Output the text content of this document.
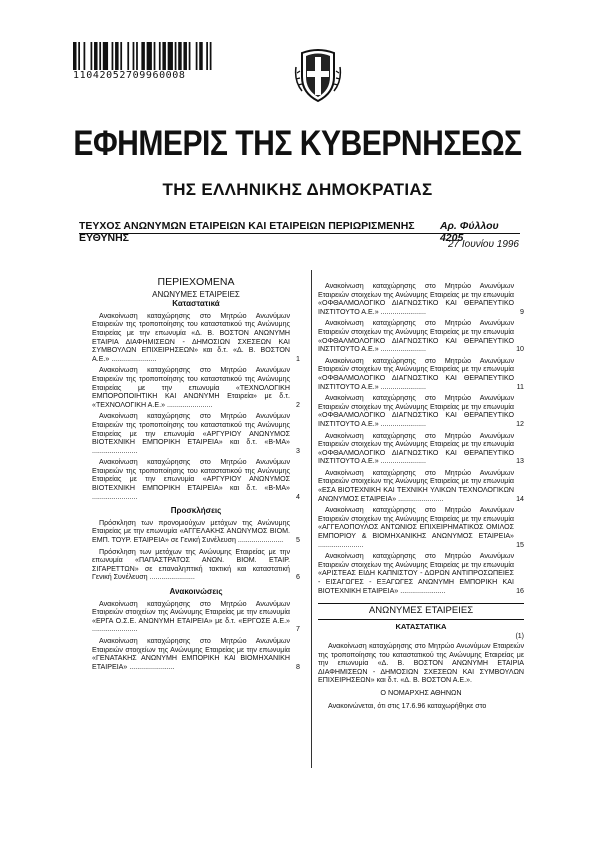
11042052709960008
ΕΦΗΜΕΡΙΣ ΤΗΣ ΚΥΒΕΡΝΗΣΕΩΣ
ΤΗΣ ΕΛΛΗΝΙΚΗΣ ΔΗΜΟΚΡΑΤΙΑΣ
ΤΕΥΧΟΣ ΑΝΩΝΥΜΩΝ ΕΤΑΙΡΕΙΩΝ ΚΑΙ ΕΤΑΙΡΕΙΩΝ ΠΕΡΙΩΡΙΣΜΕΝΗΣ ΕΥΘΥΝΗΣ
Αρ. Φύλλου 4205
27 Ιουνίου 1996
ΠΕΡΙΕΧΟΜΕΝΑ
ΑΝΩΝΥΜΕΣ ΕΤΑΙΡΕΙΕΣ
Καταστατικά
Ανακοίνωση καταχώρησης στο Μητρώο Ανωνύμων Εταιρειών της τροποποίησης του καταστατικού της Ανώνυμης Εταιρείας με την επωνυμία «Δ. Β. ΒΟΣΤΟΝ ΑΝΩΝΥΜΗ ΕΤΑΙΡΙΑ ΔΙΑΦΗΜΙΣΕΩΝ - ΔΗΜΟΣΙΩΝ ΣΧΕΣΕΩΝ ΚΑΙ ΣΥΜΒΟΥΛΩΝ ΕΠΙΧΕΙΡΗΣΕΩΝ» και δ.τ. «Δ. Β. ΒΟΣΤΟΝ Α.Ε.» .......................	1
Ανακοίνωση καταχώρησης στο Μητρώο Ανωνύμων Εταιρειών της τροποποίησης του καταστατικού της Ανώνυμης Εταιρείας με την επωνυμία «ΤΕΧΝΟΛΟΓΙΚΗ ΕΜΠΟΡΟΠΟΙΗΤΙΚΗ ΚΑΙ ΑΝΩΝΥΜΗ Εταιρεία» με δ.τ. «ΤΕΧΝΟΛΟΓΙΚΗ Α.Ε.» .......................	2
Ανακοίνωση καταχώρησης στο Μητρώο Ανωνύμων Εταιρειών της τροποποίησης του καταστατικού της Ανώνυμης Εταιρείας με την επωνυμία «ΑΡΓΥΡΙΟΥ ΑΝΩΝΥΜΟΣ ΒΙΟΤΕΧΝΙΚΗ ΕΜΠΟΡΙΚΗ ΕΤΑΙΡΕΙΑ» και δ.τ. «Β-ΜΑ» .......................	3
Ανακοίνωση καταχώρησης στο Μητρώο Ανωνύμων Εταιρειών της τροποποίησης του καταστατικού της Ανώνυμης Εταιρείας με την επωνυμία «ΑΡΓΥΡΙΟΥ ΑΝΩΝΥΜΟΣ ΒΙΟΤΕΧΝΙΚΗ ΕΜΠΟΡΙΚΗ ΕΤΑΙΡΕΙΑ» και δ.τ. «Β-ΜΑ» .......................	4
Προσκλήσεις
Πρόσκληση των προνομιούχων μετόχων της Ανώνυμης Εταιρείας με την επωνυμία «ΑΓΓΕΛΑΚΗΣ ΑΝΩΝΥΜΟΣ ΒΙΟΜ. ΕΜΠ. ΤΟΥΡ. ΕΤΑΙΡΕΙΑ» σε Γενική Συνέλευση ....................... 5
Πρόσκληση των μετόχων της Ανώνυμης Εταιρείας με την επωνυμία «ΠΑΠΑΣΤΡΑΤΟΣ ΑΝΩΝ. ΒΙΟΜ. ΕΤΑΙΡ. ΣΙΓΑΡΕΤΤΩΝ» σε επαναληπτική τακτική και καταστατική Γενική Συνέλευση .......................	6
Ανακοινώσεις
Ανακοίνωση καταχώρησης στο Μητρώο Ανωνύμων Εταιρειών στοιχείων της Ανώνυμης Εταιρείας με την επωνυμία «ΕΡΓΑ Ο.Σ.Ε. ΑΝΩΝΥΜΗ ΕΤΑΙΡΕΙΑ» με δ.τ. «ΕΡΓΟΣΕ Α.Ε.» .......................	7
Ανακοίνωση καταχώρησης στο Μητρώο Ανωνύμων Εταιρειών στοιχείων της Ανώνυμης Εταιρείας με την επωνυμία «ΓΕΝΑΤΑΚΗΣ ΑΝΩΝΥΜΗ ΕΜΠΟΡΙΚΗ ΚΑΙ ΒΙΟΜΗΧΑΝΙΚΗ ΕΤΑΙΡΕΙΑ» .......................	8
Ανακοίνωση καταχώρησης στο Μητρώο Ανωνύμων Εταιρειών στοιχείων της Ανώνυμης Εταιρείας με την επωνυμία «ΟΦΘΑΛΜΟΛΟΓΙΚΟ ΔΙΑΓΝΩΣΤΙΚΟ ΚΑΙ ΘΕΡΑΠΕΥΤΙΚΟ ΙΝΣΤΙΤΟΥΤΟ Α.Ε.» .......................	9
Ανακοίνωση καταχώρησης στο Μητρώο Ανωνύμων Εταιρειών στοιχείων της Ανώνυμης Εταιρείας με την επωνυμία «ΟΦΘΑΛΜΟΛΟΓΙΚΟ ΔΙΑΓΝΩΣΤΙΚΟ ΚΑΙ ΘΕΡΑΠΕΥΤΙΚΟ ΙΝΣΤΙΤΟΥΤΟ Α.Ε.» .......................	10
Ανακοίνωση καταχώρησης στο Μητρώο Ανωνύμων Εταιρειών στοιχείων της Ανώνυμης Εταιρείας με την επωνυμία «ΟΦΘΑΛΜΟΛΟΓΙΚΟ ΔΙΑΓΝΩΣΤΙΚΟ ΚΑΙ ΘΕΡΑΠΕΥΤΙΚΟ ΙΝΣΤΙΤΟΥΤΟ Α.Ε.» .......................	11
Ανακοίνωση καταχώρησης στο Μητρώο Ανωνύμων Εταιρειών στοιχείων της Ανώνυμης Εταιρείας με την επωνυμία «ΟΦΘΑΛΜΟΛΟΓΙΚΟ ΔΙΑΓΝΩΣΤΙΚΟ ΚΑΙ ΘΕΡΑΠΕΥΤΙΚΟ ΙΝΣΤΙΤΟΥΤΟ Α.Ε.» .......................	12
Ανακοίνωση καταχώρησης στο Μητρώο Ανωνύμων Εταιρειών στοιχείων της Ανώνυμης Εταιρείας με την επωνυμία «ΟΦΘΑΛΜΟΛΟΓΙΚΟ ΔΙΑΓΝΩΣΤΙΚΟ ΚΑΙ ΘΕΡΑΠΕΥΤΙΚΟ ΙΝΣΤΙΤΟΥΤΟ Α.Ε.» .......................	13
Ανακοίνωση καταχώρησης στο Μητρώο Ανωνύμων Εταιρειών στοιχείων της Ανώνυμης Εταιρείας με την επωνυμία «ΕΣΑ ΒΙΟΤΕΧΝΙΚΗ ΚΑΙ ΤΕΧΝΙΚΗ ΥΛΙΚΩΝ ΤΕΧΝΟΛΟΓΙΚΩΝ ΑΝΩΝΥΜΟΣ ΕΤΑΙΡΕΙΑ» .......................	14
Ανακοίνωση καταχώρησης στο Μητρώο Ανωνύμων Εταιρειών στοιχείων της Ανώνυμης Εταιρείας με την επωνυμία «ΑΓΓΕΛΟΠΟΥΛΟΣ ΑΝΤΩΝΙΟΣ ΕΠΙΧΕΙΡΗΜΑΤΙΚΟΣ ΟΜΙΛΟΣ ΕΜΠΟΡΙΟΥ & ΒΙΟΜΗΧΑΝΙΚΗΣ ΑΝΩΝΥΜΟΣ ΕΤΑΙΡΕΙΑ» .......................	15
Ανακοίνωση καταχώρησης στο Μητρώο Ανωνύμων Εταιρειών στοιχείων της Ανώνυμης Εταιρείας με την επωνυμία «ΑΡΙΣΤΕΑΣ ΕΙΔΗ ΚΑΠΝΙΣΤΟΥ - ΔΩΡΩΝ ΑΝΤΙΠΡΟΣΩΠΕΙΕΣ - ΕΙΣΑΓΩΓΕΣ - ΕΞΑΓΩΓΕΣ ΑΝΩΝΥΜΗ ΕΜΠΟΡΙΚΗ ΚΑΙ ΒΙΟΤΕΧΝΙΚΗ ΕΤΑΙΡΕΙΑ» .......................	16
ΑΝΩΝΥΜΕΣ ΕΤΑΙΡΕΙΕΣ
ΚΑΤΑΣΤΑΤΙΚΑ
(1)
Ανακοίνωση καταχώρησης στο Μητρώο Ανωνύμων Εταιρειών της τροποποίησης του καταστατικού της Ανώνυμης Εταιρείας με την επωνυμία «Δ. Β. ΒΟΣΤΟΝ ΑΝΩΝΥΜΗ ΕΤΑΙΡΙΑ ΔΙΑΦΗΜΙΣΕΩΝ - ΔΗΜΟΣΙΩΝ ΣΧΕΣΕΩΝ ΚΑΙ ΣΥΜΒΟΥΛΩΝ ΕΠΙΧΕΙΡΗΣΕΩΝ» και δ.τ. «Δ. Β. ΒΟΣΤΟΝ Α.Ε.».
Ο ΝΟΜΑΡΧΗΣ ΑΘΗΝΩΝ
Ανακοινώνεται, ότι στις 17.6.96 καταχωρήθηκε στο
